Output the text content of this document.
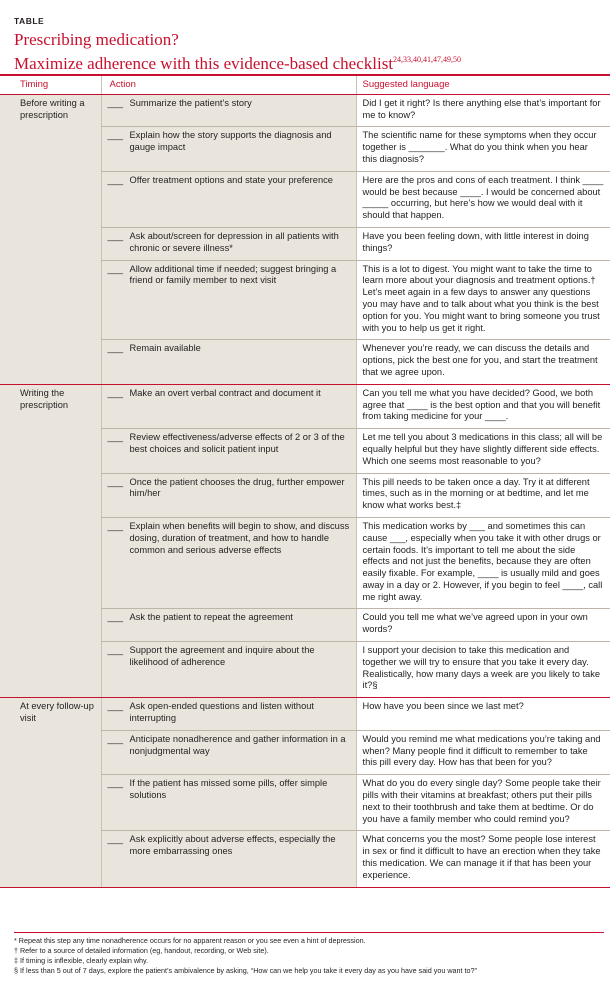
TABLE
Prescribing medication?
Maximize adherence with this evidence-based checklist$^{24,33,40,41,47,49,50}$
Timing	Action	Suggested language
Before writing a prescription	___ Summarize the patient’s story	Did I get it right? Is there anything else that’s important for me to know?

	___ Explain how the story supports the diagnosis and gauge impact	The scientific name for these symptoms when they occur together is _______. What do you think when you hear this diagnosis?

	___ Offer treatment options and state your preference	Here are the pros and cons of each treatment. I think ____ would be best because ____. I would be concerned about _____ occurring, but here’s how we would deal with it should that happen.

	___ Ask about/screen for depression in all patients with chronic or severe illness*	Have you been feeling down, with little interest in doing things?

	___ Allow additional time if needed; suggest bringing a friend or family member to next visit	This is a lot to digest. You might want to take the time to learn more about your diagnosis and treatment options.† Let’s meet again in a few days to answer any questions you may have and to talk about what you think is the best option for you. You might want to bring someone you trust with you to help us get it right.

	___ Remain available	Whenever you’re ready, we can discuss the details and options, pick the best one for you, and start the treatment that we agree upon.
Writing the prescription	___ Make an overt verbal contract and document it	Can you tell me what you have decided? Good, we both agree that ____ is the best option and that you will benefit from taking medicine for your ____.

	___ Review effectiveness/adverse effects of 2 or 3 of the best choices and solicit patient input	Let me tell you about 3 medications in this class; all will be equally helpful but they have slightly different side effects. Which one seems most reasonable to you?

	___ Once the patient chooses the drug, further empower him/her	This pill needs to be taken once a day. Try it at different times, such as in the morning or at bedtime, and let me know what works best.‡

	___ Explain when benefits will begin to show, and discuss dosing, duration of treatment, and how to handle common and serious adverse effects	This medication works by ___ and sometimes this can cause ___, especially when you take it with other drugs or certain foods. It’s important to tell me about the side effects and not just the benefits, because they are often easily fixable. For example, ____ is usually mild and goes away in a day or 2. However, if you begin to feel ____, call me right away.

	___ Ask the patient to repeat the agreement	Could you tell me what we’ve agreed upon in your own words?

	___ Support the agreement and inquire about the likelihood of adherence	I support your decision to take this medication and together we will try to ensure that you take it every day. Realistically, how many days a week are you likely to take it?§
At every follow-up visit	___ Ask open-ended questions and listen without interrupting	How have you been since we last met?

	___ Anticipate nonadherence and gather information in a nonjudgmental way	Would you remind me what medications you’re taking and when? Many people find it difficult to remember to take this pill every day. How has that been for you?

	___ If the patient has missed some pills, offer simple solutions	What do you do every single day? Some people take their pills with their vitamins at breakfast; others put their pills next to their toothbrush and take them at bedtime. Or do you have a family member who could remind you?

	___ Ask explicitly about adverse effects, especially the more embarrassing ones	What concerns you the most? Some people lose interest in sex or find it difficult to have an erection when they take this medication. We can manage it if that has been your experience.
* Repeat this step any time nonadherence occurs for no apparent reason or you see even a hint of depression.
† Refer to a source of detailed information (eg, handout, recording, or Web site).
‡ If timing is inflexible, clearly explain why.
§ If less than 5 out of 7 days, explore the patient’s ambivalence by asking, “How can we help you take it every day as you have said you want to?”
